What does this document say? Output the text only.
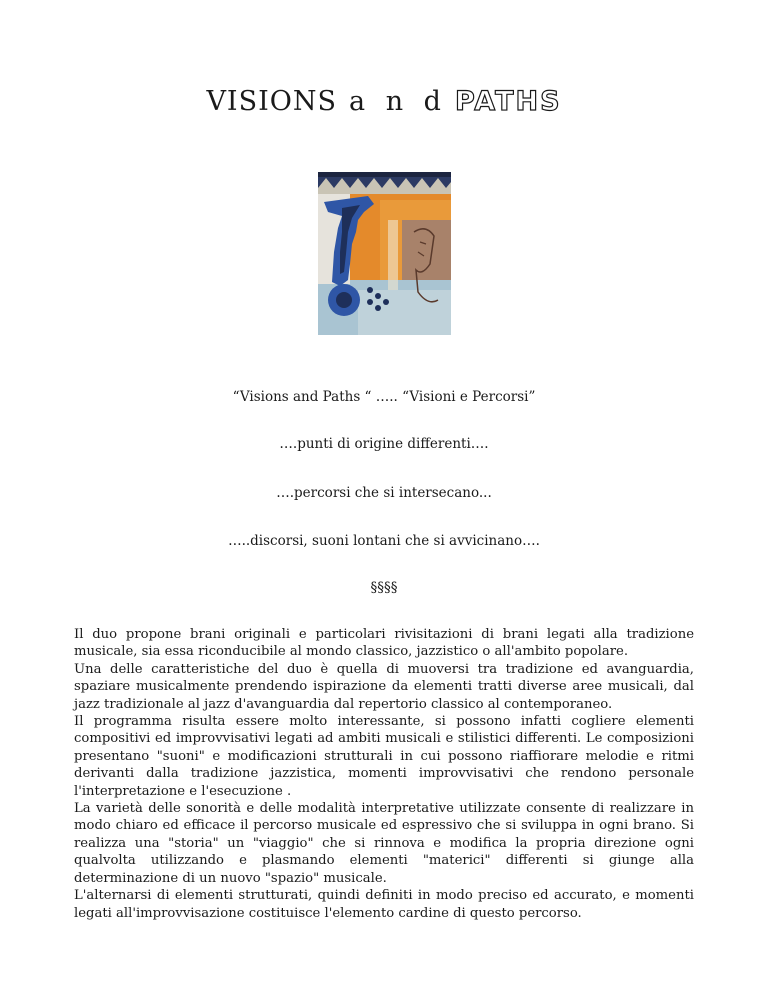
VISIONS a n d PATHS
“Visions and Paths “ ….. “Visioni e Percorsi”
….punti di origine differenti….
….percorsi che si intersecano...
…..discorsi, suoni lontani che si avvicinano….
§§§§

Il duo propone brani originali e particolari rivisitazioni di brani legati alla tradizione musicale, sia essa riconducibile al mondo classico, jazzistico o all'ambito popolare.

Una delle caratteristiche del duo è quella di muoversi tra tradizione ed avanguardia, spaziare musicalmente prendendo ispirazione da elementi tratti diverse aree musicali, dal jazz tradizionale al jazz d'avanguardia dal repertorio classico al contemporaneo.

Il programma risulta essere molto interessante, si possono infatti cogliere elementi compositivi ed improvvisativi legati ad ambiti musicali e stilistici differenti. Le composizioni presentano "suoni" e modificazioni strutturali in cui possono riaffiorare melodie e ritmi derivanti dalla tradizione jazzistica, momenti improvvisativi che rendono personale l'interpretazione e l'esecuzione .

La varietà delle sonorità e delle modalità interpretative utilizzate consente di realizzare in modo chiaro ed efficace il percorso musicale ed espressivo che si sviluppa in ogni brano. Si realizza una "storia" un "viaggio" che si rinnova e modifica la propria direzione ogni qualvolta utilizzando e plasmando elementi "materici" differenti si giunge alla determinazione di un nuovo "spazio" musicale.

L'alternarsi di elementi strutturati, quindi definiti in modo preciso ed accurato, e momenti legati all'improvvisazione costituisce l'elemento cardine di questo percorso.
